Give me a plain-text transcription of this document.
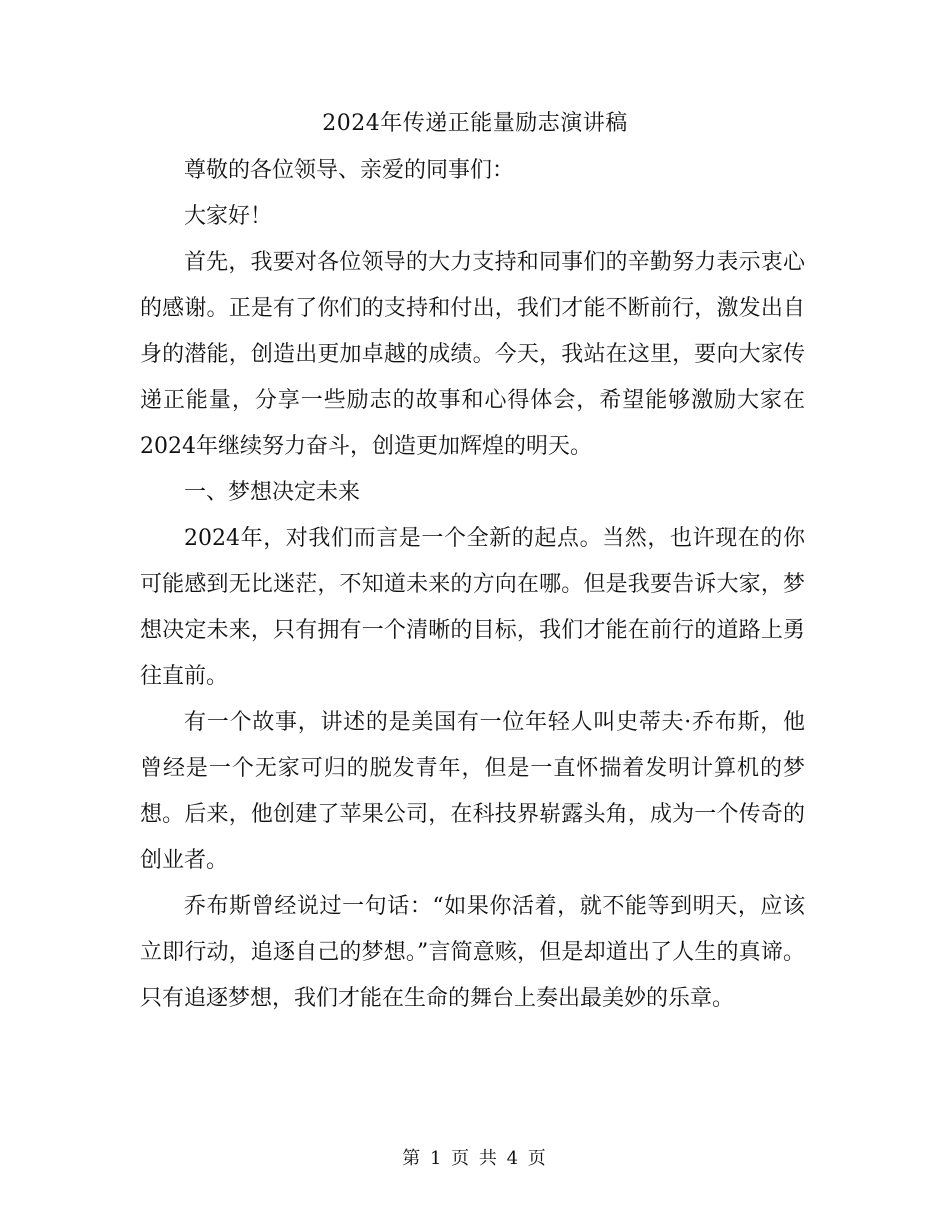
2024年传递正能量励志演讲稿

尊敬的各位领导、亲爱的同事们：

大家好！

首先，我要对各位领导的大力支持和同事们的辛勤努力表示衷心的感谢。正是有了你们的支持和付出，我们才能不断前行，激发出自身的潜能，创造出更加卓越的成绩。今天，我站在这里，要向大家传递正能量，分享一些励志的故事和心得体会，希望能够激励大家在2024年继续努力奋斗，创造更加辉煌的明天。

一、梦想决定未来

2024年，对我们而言是一个全新的起点。当然，也许现在的你可能感到无比迷茫，不知道未来的方向在哪。但是我要告诉大家，梦想决定未来，只有拥有一个清晰的目标，我们才能在前行的道路上勇往直前。

有一个故事，讲述的是美国有一位年轻人叫史蒂夫·乔布斯，他曾经是一个无家可归的脱发青年，但是一直怀揣着发明计算机的梦想。后来，他创建了苹果公司，在科技界崭露头角，成为一个传奇的创业者。

乔布斯曾经说过一句话：“如果你活着，就不能等到明天，应该立即行动，追逐自己的梦想。”言简意赅，但是却道出了人生的真谛。只有追逐梦想，我们才能在生命的舞台上奏出最美妙的乐章。

第 1 页 共 4 页
